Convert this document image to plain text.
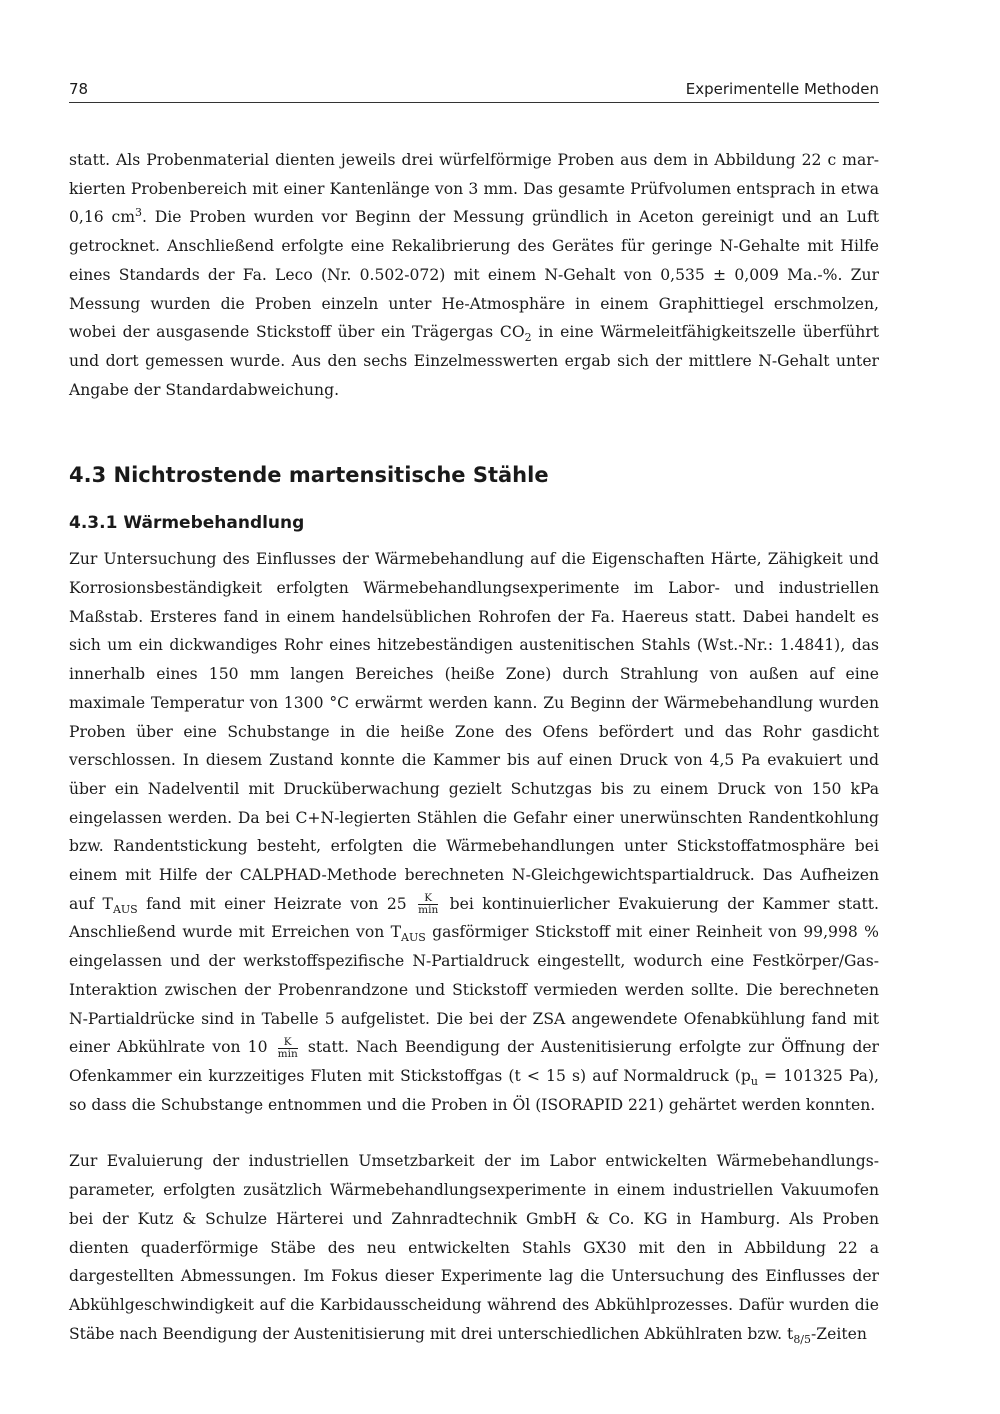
78	Experimentelle Methoden

statt. Als Probenmaterial dienten jeweils drei würfelförmige Proben aus dem in Abbildung 22 c markierten Probenbereich mit einer Kantenlänge von 3 mm. Das gesamte Prüfvolumen entsprach in etwa 0,16 $cm^3$. Die Proben wurden vor Beginn der Messung gründlich in Aceton gereinigt und an Luft getrocknet. Anschließend erfolgte eine Rekalibrierung des Gerätes für geringe N-Gehalte mit Hilfe eines Standards der Fa. Leco (Nr. 0.502-072) mit einem N-Gehalt von 0,535 ± 0,009 Ma.-%. Zur Messung wurden die Proben einzeln unter He-Atmosphäre in einem Graphittiegel erschmolzen, wobei der ausgasende Stickstoff über ein Trägergas $CO_2$ in eine Wärmeleitfähigkeitszelle überführt und dort gemessen wurde. Aus den sechs Einzelmesswerten ergab sich der mittlere N-Gehalt unter Angabe der Standardabweichung.

4.3 Nichtrostende martensitische Stähle
4.3.1 Wärmebehandlung

Zur Untersuchung des Einflusses der Wärmebehandlung auf die Eigenschaften Härte, Zähigkeit und Korrosionsbeständigkeit erfolgten Wärmebehandlungsexperimente im Labor- und industriellen Maßstab. Ersteres fand in einem handelsüblichen Rohrofen der Fa. Haereus statt. Dabei handelt es sich um ein dickwandiges Rohr eines hitzebeständigen austenitischen Stahls (Wst.-Nr.: 1.4841), das innerhalb eines 150 mm langen Bereiches (heiße Zone) durch Strahlung von außen auf eine maximale Temperatur von 1300 °C erwärmt werden kann. Zu Beginn der Wärmebehandlung wurden Proben über eine Schubstange in die heiße Zone des Ofens befördert und das Rohr gasdicht verschlossen. In diesem Zustand konnte die Kammer bis auf einen Druck von 4,5 Pa evakuiert und über ein Nadelventil mit Drucküberwachung gezielt Schutzgas bis zu einem Druck von 150 kPa eingelassen werden. Da bei C+N-legierten Stählen die Gefahr einer unerwünschten Randentkohlung bzw. Randentstickung besteht, erfolgten die Wärmebehandlungen unter Stickstoffatmosphäre bei einem mit Hilfe der CALPHAD-Methode berechneten N-Gleichgewichtspartialdruck. Das Aufheizen auf $T_{AUS}$ fand mit einer Heizrate von $25 \frac{K}{\min}$ bei kontinuierlicher Evakuierung der Kammer statt. Anschließend wurde mit Erreichen von $T_{AUS}$ gasförmiger Stickstoff mit einer Reinheit von 99,998 % eingelassen und der werkstoffspezifische N-Partialdruck eingestellt, wodurch eine Festkörper/Gas-Interaktion zwischen der Probenrandzone und Stickstoff vermieden werden sollte. Die berechneten N-Partialdrücke sind in Tabelle 5 aufgelistet. Die bei der ZSA angewendete Ofenabkühlung fand mit einer Abkühlrate von $10 \frac{K}{\min}$ statt. Nach Beendigung der Austenitisierung erfolgte zur Öffnung der Ofenkammer ein kurzzeitiges Fluten mit Stickstoffgas (t < 15 s) auf Normaldruck ($p_u = 101325$ Pa), so dass die Schubstange entnommen und die Proben in Öl (ISORAPID 221) gehärtet werden konnten.

Zur Evaluierung der industriellen Umsetzbarkeit der im Labor entwickelten Wärmebehandlungsparameter, erfolgten zusätzlich Wärmebehandlungsexperimente in einem industriellen Vakuumofen bei der Kutz & Schulze Härterei und Zahnradtechnik GmbH & Co. KG in Hamburg. Als Proben dienten quaderförmige Stäbe des neu entwickelten Stahls GX30 mit den in Abbildung 22 a dargestellten Abmessungen. Im Fokus dieser Experimente lag die Untersuchung des Einflusses der Abkühlgeschwindigkeit auf die Karbidausscheidung während des Abkühlprozesses. Dafür wurden die Stäbe nach Beendigung der Austenitisierung mit drei unterschiedlichen Abkühlraten bzw. $t_{8/5}$-Zeiten
